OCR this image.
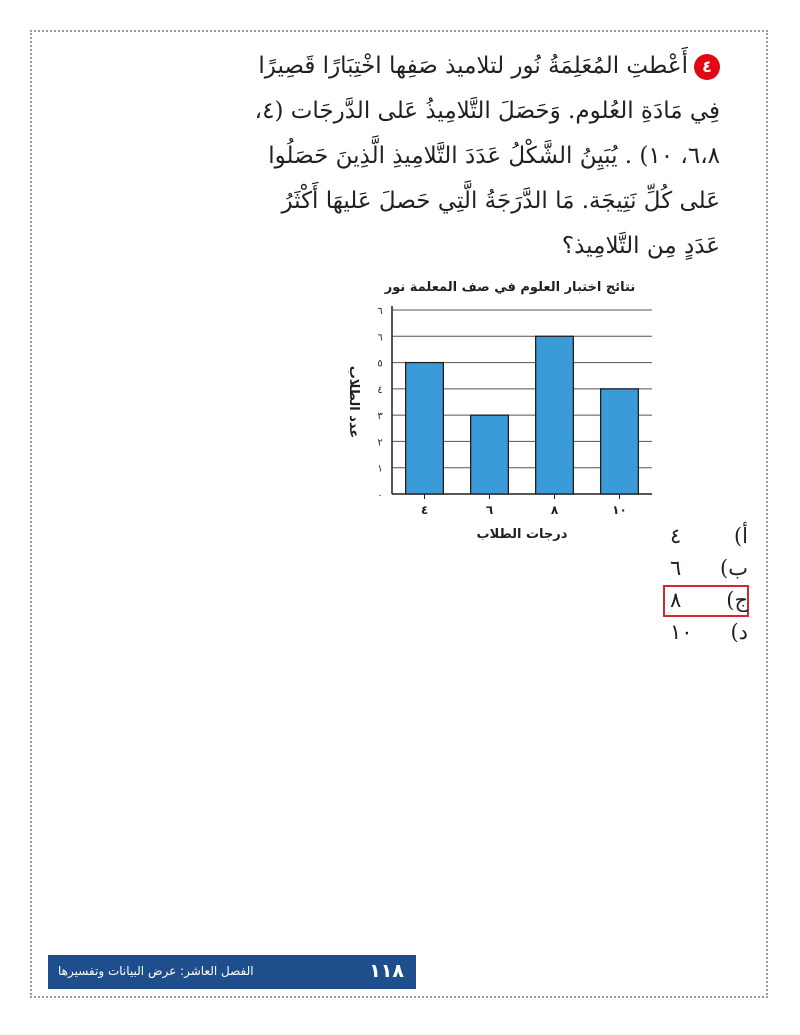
٤أَعْطتِ المُعَلِمَةُ نُور لتلاميذ صَفِها اخْتِبَارًا قَصِيرًا
فِي مَادَةِ العُلوم. وَحَصَلَ التَّلامِيذُ عَلى الدَّرجَات (٤،
٦،٨، ١٠) . يُبَيِنُ الشَّكْلُ عَدَدَ التَّلامِيذِ الَّذِينَ حَصَلُوا
عَلى كُلِّ نَتِيجَة. مَا الدَّرَجَةُ الَّتِي حَصلَ عَليهَا أَكْثَرُ
عَدَدٍ مِن التَّلامِيذ؟
نتائج اختبار العلوم في صف المعلمة نور
٠
١
٢
٣
٤
٥
٦
٦
٤	٦	٨	١٠
درجات الطلاب
عدد الطلاب
أ)
٤
ب)
٦
ج)
٨
د)
١٠
١١٨
الفصل العاشر: عرض البيانات وتفسيرها
